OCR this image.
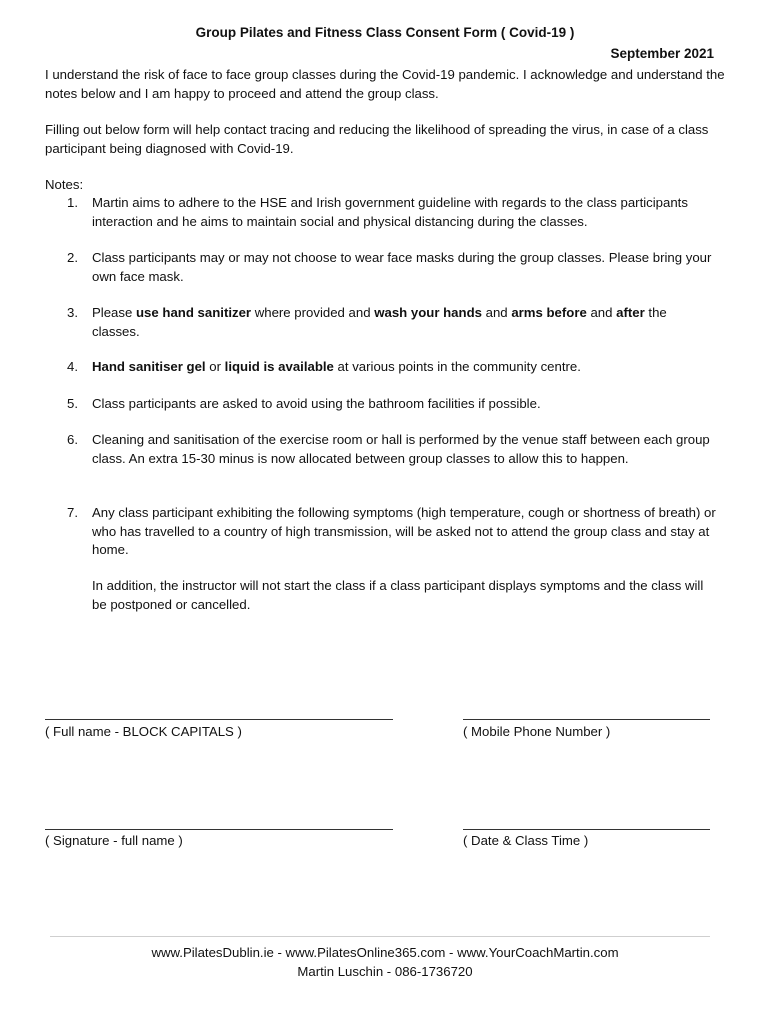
Group Pilates and Fitness Class Consent Form ( Covid-19 )
September 2021

I understand the risk of face to face group classes during the Covid-19 pandemic. I acknowledge and understand the notes below and I am happy to proceed and attend the group class.

Filling out below form will help contact tracing and reducing the likelihood of spreading the virus, in case of a class participant being diagnosed with Covid-19.

Notes:
1.	Martin aims to adhere to the HSE and Irish government guideline with regards to the class participants interaction and he aims to maintain social and physical distancing during the classes.
2.	Class participants may or may not choose to wear face masks during the group classes. Please bring your own face mask.
3.	Please use hand sanitizer where provided and wash your hands and arms before and after the classes.
4.	Hand sanitiser gel or liquid is available at various points in the community centre.
5.	Class participants are asked to avoid using the bathroom facilities if possible.
6.	Cleaning and sanitisation of the exercise room or hall is performed by the venue staff between each group class. An extra 15-30 minus is now allocated between group classes to allow this to happen.
7.	Any class participant exhibiting the following symptoms (high temperature, cough or shortness of breath) or who has travelled to a country of high transmission, will be asked not to attend the group class and stay at home.
In addition, the instructor will not start the class if a class participant displays symptoms and the class will be postponed or cancelled.
( Full name - BLOCK CAPITALS )	( Mobile Phone Number )
( Signature - full name )	( Date & Class Time )
www.PilatesDublin.ie - www.PilatesOnline365.com - www.YourCoachMartin.com
Martin Luschin - 086-1736720
